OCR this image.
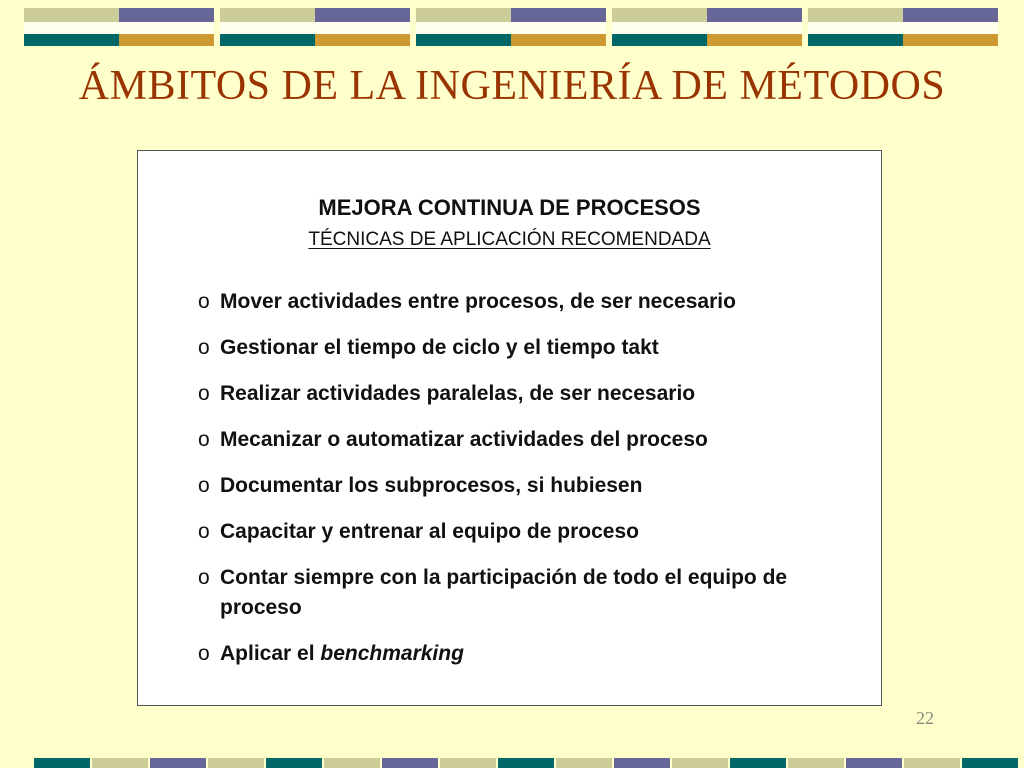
ÁMBITOS DE LA INGENIERÍA DE MÉTODOS
MEJORA CONTINUA DE PROCESOS
TÉCNICAS DE APLICACIÓN RECOMENDADA
o Mover actividades entre procesos, de ser necesario
o Gestionar el tiempo de ciclo y el tiempo takt
o Realizar actividades paralelas, de ser necesario
o Mecanizar o automatizar actividades del proceso
o Documentar los subprocesos, si hubiesen
o Capacitar y entrenar al equipo de proceso
o Contar siempre con la participación de todo el equipo de proceso
o Aplicar el benchmarking
22
